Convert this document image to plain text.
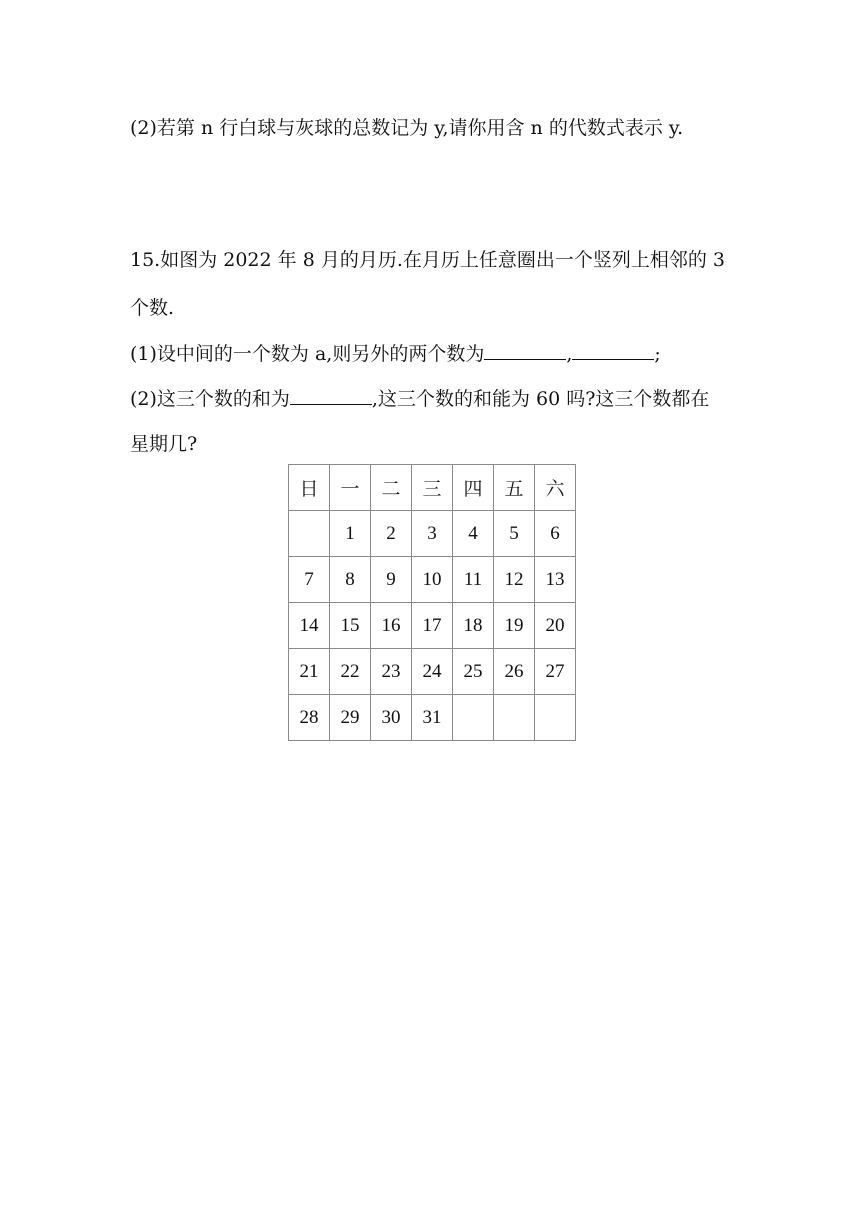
(2)若第 n 行白球与灰球的总数记为 y,请你用含 n 的代数式表示 y.
15.如图为 2022 年 8 月的月历.在月历上任意圈出一个竖列上相邻的 3
个数.
(1)设中间的一个数为 a,则另外的两个数为	,	;
(2)这三个数的和为	,这三个数的和能为 60 吗?这三个数都在
星期几?
日	一	二	三	四	五	六
	1	2	3	4	5	6
7	8	9	10	11	12	13
14	15	16	17	18	19	20
21	22	23	24	25	26	27
28	29	30	31			
